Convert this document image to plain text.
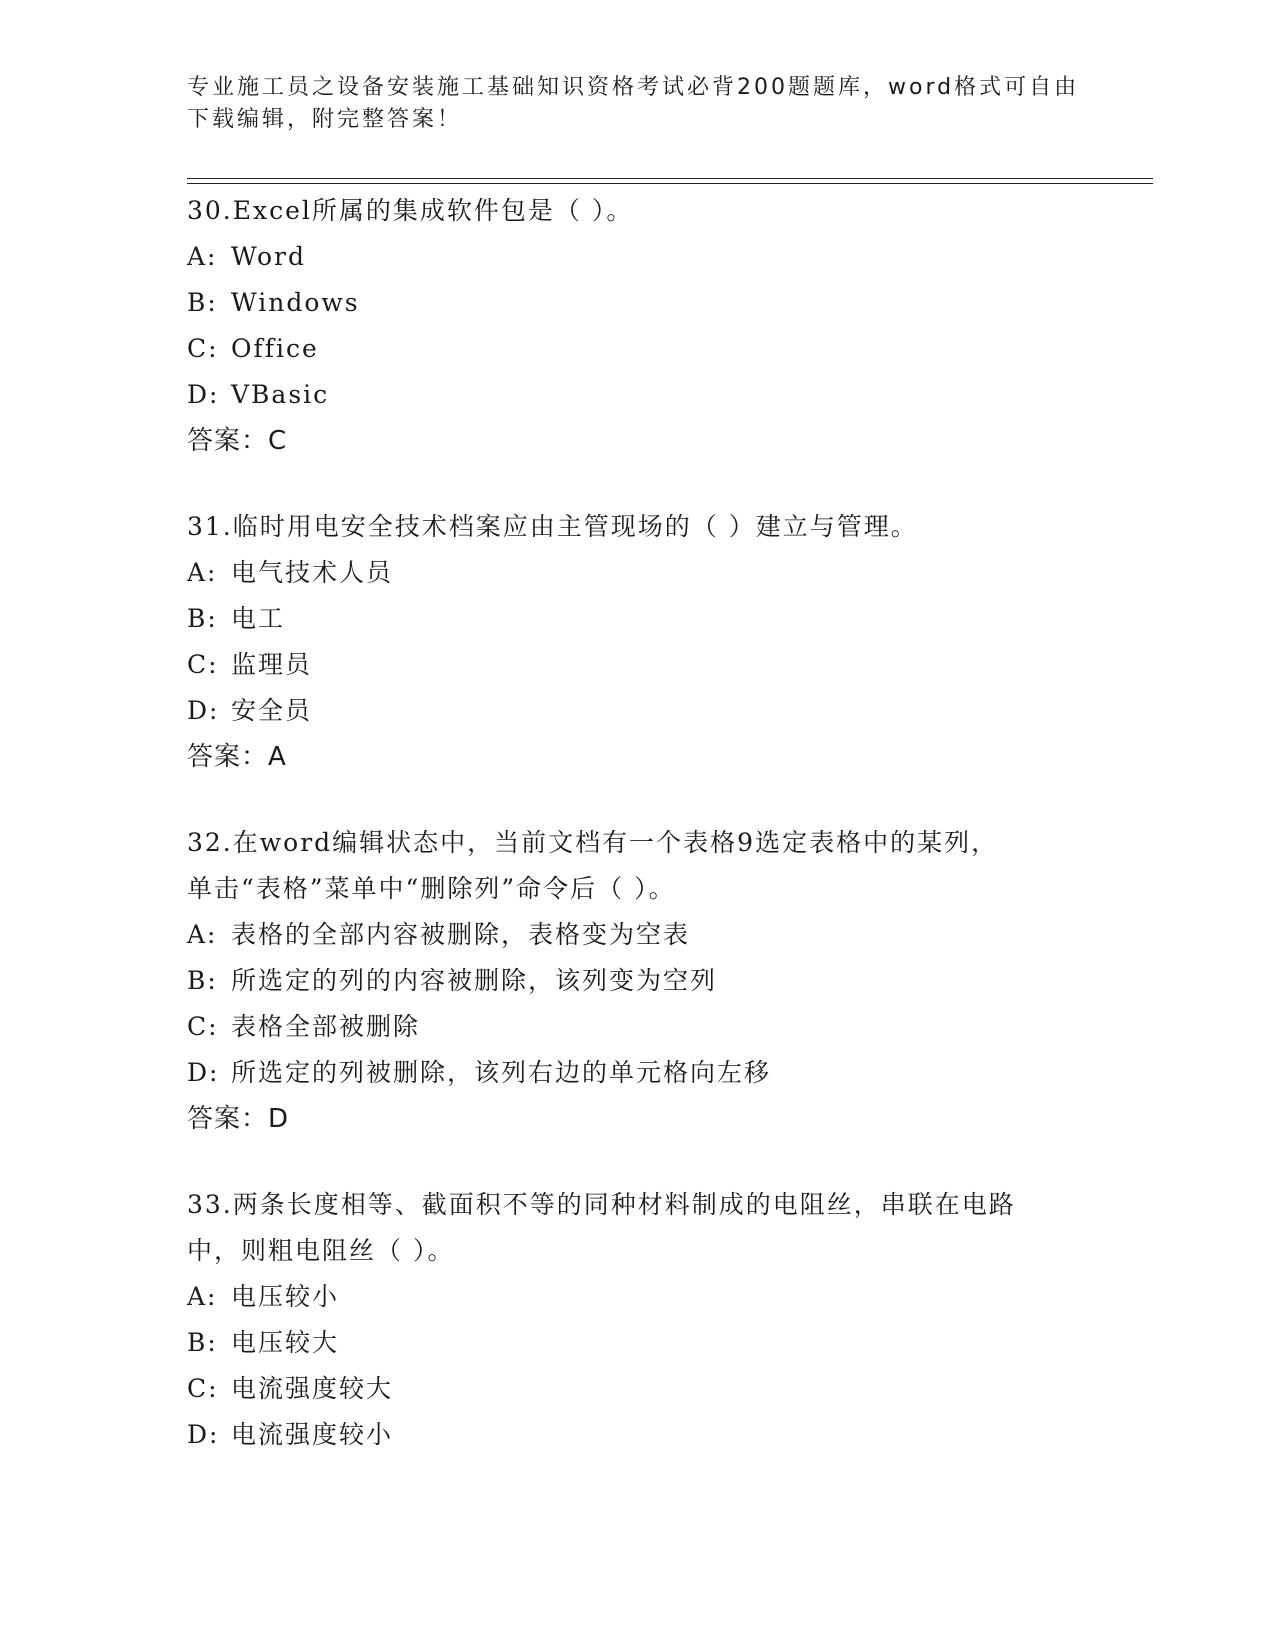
专业施工员之设备安装施工基础知识资格考试必背200题题库，word格式可自由
下载编辑，附完整答案！
30.Excel所属的集成软件包是（ ）。
A: Word
B: Windows
C: Office
D: VBasic
答案：C
31.临时用电安全技术档案应由主管现场的（ ）建立与管理。
A: 电气技术人员
B: 电工
C: 监理员
D: 安全员
答案：A
32.在word编辑状态中，当前文档有一个表格9选定表格中的某列，
单击“表格”菜单中“删除列”命令后（ ）。
A: 表格的全部内容被删除，表格变为空表
B: 所选定的列的内容被删除，该列变为空列
C: 表格全部被删除
D: 所选定的列被删除，该列右边的单元格向左移
答案：D
33.两条长度相等、截面积不等的同种材料制成的电阻丝，串联在电路
中，则粗电阻丝（ ）。
A: 电压较小
B: 电压较大
C: 电流强度较大
D: 电流强度较小
